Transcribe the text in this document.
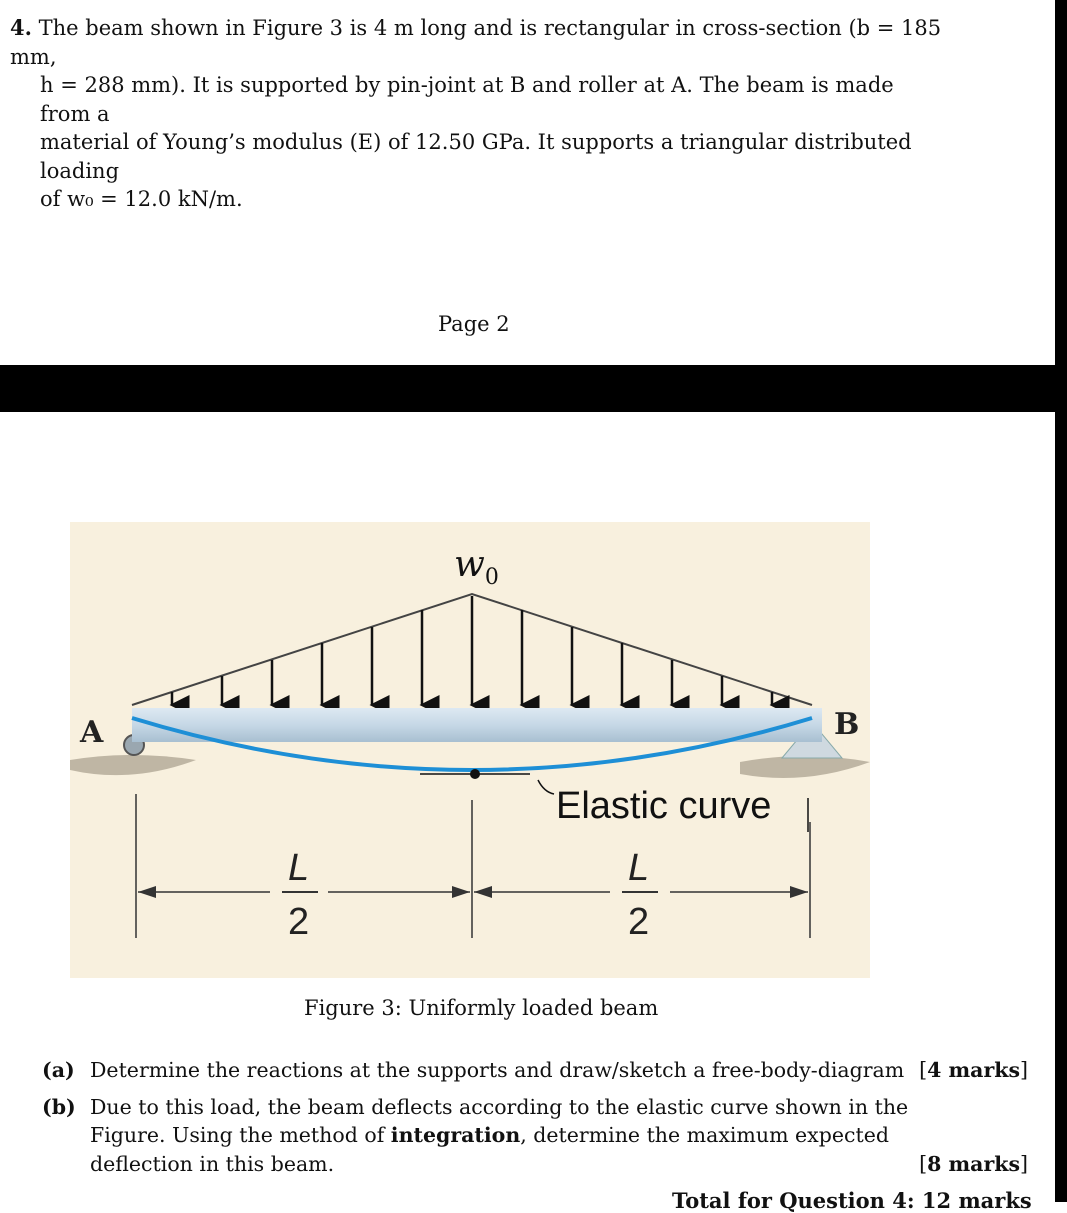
4. The beam shown in Figure 3 is 4 m long and is rectangular in cross-section (b = 185 mm,

h = 288 mm). It is supported by pin-joint at B and roller at A. The beam is made from a

material of Young’s modulus (E) of 12.50 GPa. It supports a triangular distributed loading

of w₀ = 12.0 kN/m.

Page 2
$w_0$
A	B
Elastic curve
L
2
L
2
Figure 3: Uniformly loaded beam
(a) Determine the reactions at the supports and draw/sketch a free-body-diagram [4 marks]
(b) Due to this load, the beam deflects according to the elastic curve shown in the Figure. Using the method of integration, determine the maximum expected deflection in this beam.	[8 marks]
Total for Question 4: 12 marks
